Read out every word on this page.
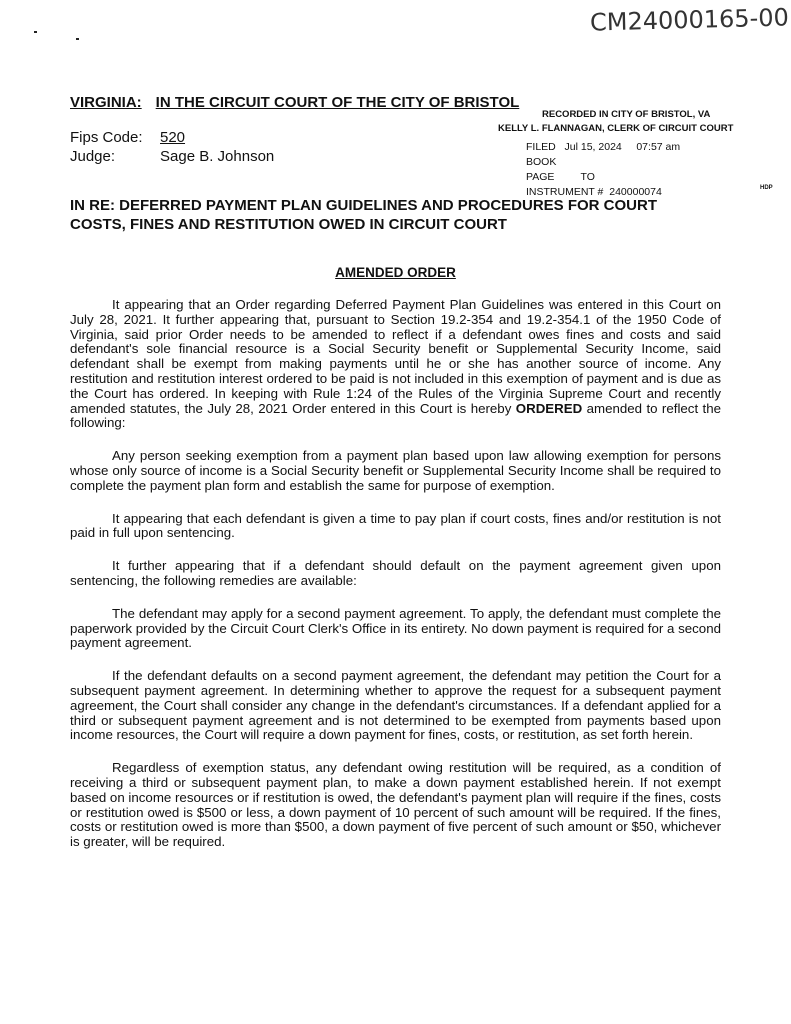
CM24000165-00
VIRGINIA: IN THE CIRCUIT COURT OF THE CITY OF BRISTOL
RECORDED IN CITY OF BRISTOL, VA
KELLY L. FLANNAGAN, CLERK OF CIRCUIT COURT
FILED Jul 15, 2024 07:57 am
BOOK
PAGE TO
INSTRUMENT # 240000074	HDP
Fips Code:	520
Judge:	Sage B. Johnson
IN RE: DEFERRED PAYMENT PLAN GUIDELINES AND PROCEDURES FOR COURT COSTS, FINES AND RESTITUTION OWED IN CIRCUIT COURT
AMENDED ORDER

It appearing that an Order regarding Deferred Payment Plan Guidelines was entered in this Court on July 28, 2021. It further appearing that, pursuant to Section 19.2-354 and 19.2-354.1 of the 1950 Code of Virginia, said prior Order needs to be amended to reflect if a defendant owes fines and costs and said defendant's sole financial resource is a Social Security benefit or Supplemental Security Income, said defendant shall be exempt from making payments until he or she has another source of income. Any restitution and restitution interest ordered to be paid is not included in this exemption of payment and is due as the Court has ordered. In keeping with Rule 1:24 of the Rules of the Virginia Supreme Court and recently amended statutes, the July 28, 2021 Order entered in this Court is hereby ORDERED amended to reflect the following:

Any person seeking exemption from a payment plan based upon law allowing exemption for persons whose only source of income is a Social Security benefit or Supplemental Security Income shall be required to complete the payment plan form and establish the same for purpose of exemption.

It appearing that each defendant is given a time to pay plan if court costs, fines and/or restitution is not paid in full upon sentencing.

It further appearing that if a defendant should default on the payment agreement given upon sentencing, the following remedies are available:

The defendant may apply for a second payment agreement. To apply, the defendant must complete the paperwork provided by the Circuit Court Clerk's Office in its entirety. No down payment is required for a second payment agreement.

If the defendant defaults on a second payment agreement, the defendant may petition the Court for a subsequent payment agreement. In determining whether to approve the request for a subsequent payment agreement, the Court shall consider any change in the defendant's circumstances. If a defendant applied for a third or subsequent payment agreement and is not determined to be exempted from payments based upon income resources, the Court will require a down payment for fines, costs, or restitution, as set forth herein.

Regardless of exemption status, any defendant owing restitution will be required, as a condition of receiving a third or subsequent payment plan, to make a down payment established herein. If not exempt based on income resources or if restitution is owed, the defendant's payment plan will require if the fines, costs or restitution owed is $500 or less, a down payment of 10 percent of such amount will be required. If the fines, costs or restitution owed is more than $500, a down payment of five percent of such amount or $50, whichever is greater, will be required.
